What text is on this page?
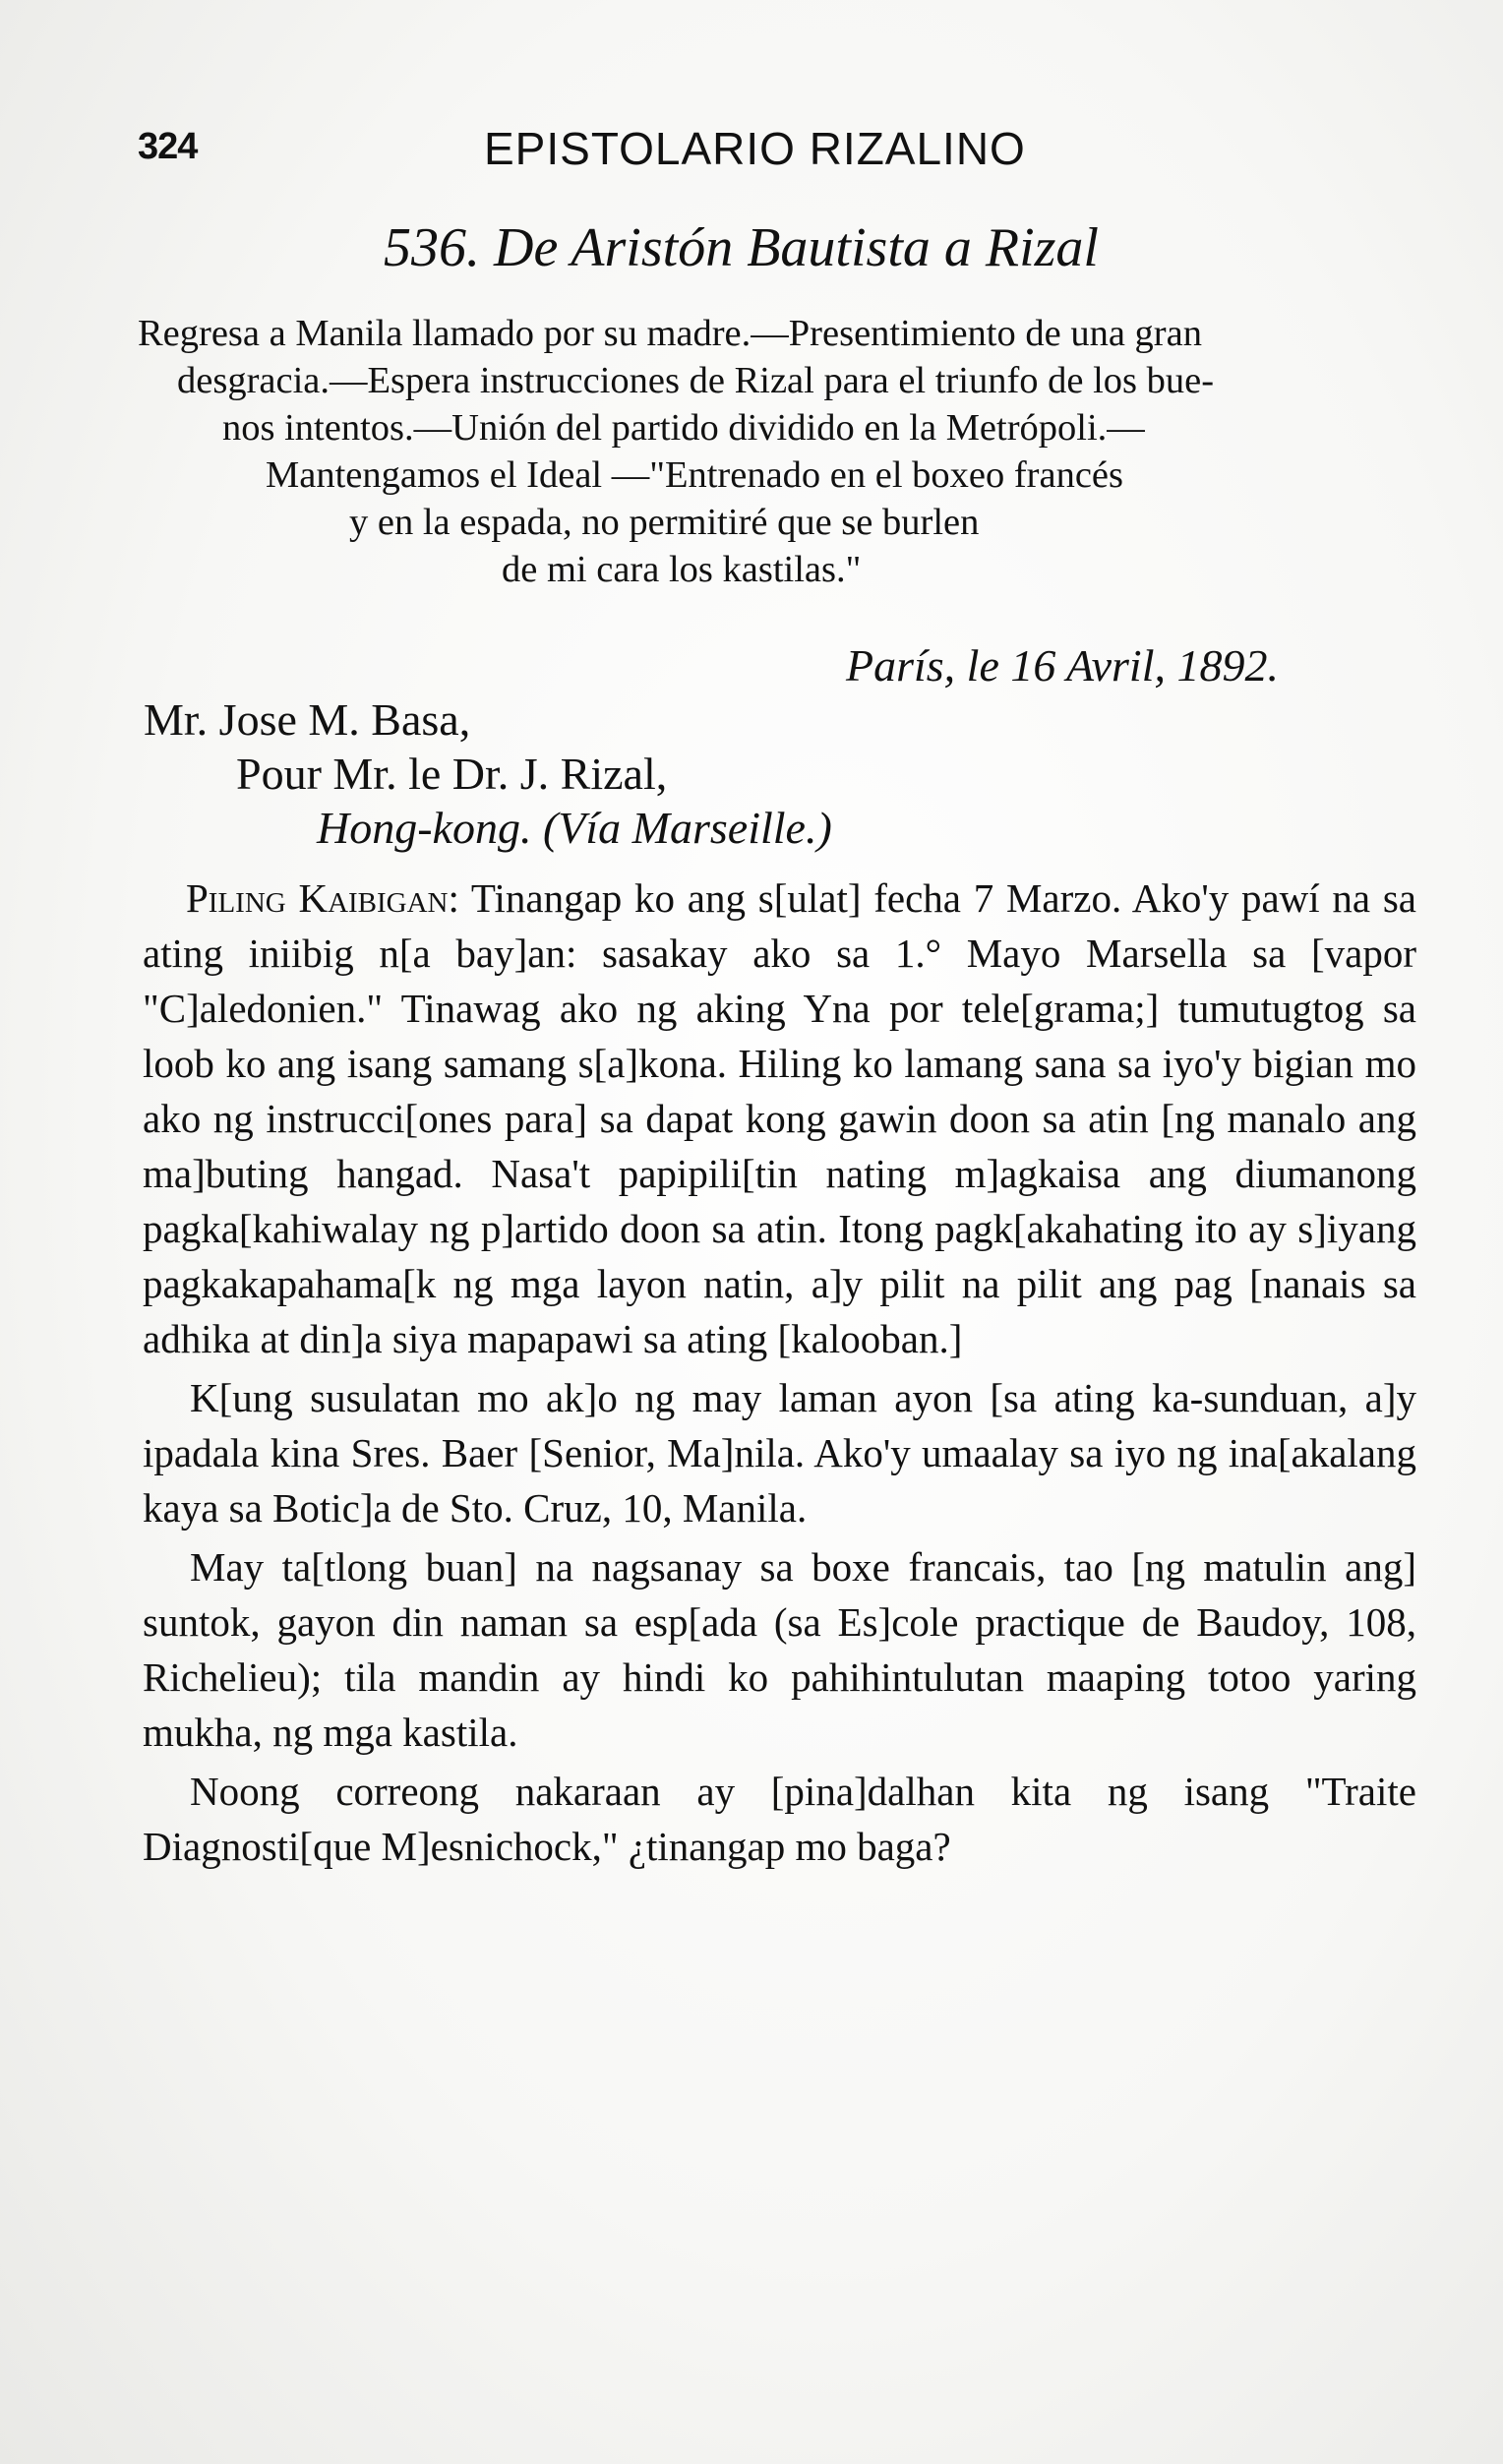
324	EPISTOLARIO RIZALINO
536. De Aristón Bautista a Rizal
Regresa a Manila llamado por su madre.—Presentimiento de una gran
desgracia.—Espera instrucciones de Rizal para el triunfo de los bue-
nos intentos.—Unión del partido dividido en la Metrópoli.—
Mantengamos el Ideal —"Entrenado en el boxeo francés
y en la espada, no permitiré que se burlen
de mi cara los kastilas."
París, le 16 Avril, 1892.
Mr. Jose M. Basa,
Pour Mr. le Dr. J. Rizal,
Hong-kong. (Vía Marseille.)

Piling Kaibigan: Tinangap ko ang s[ulat] fecha 7 Marzo. Ako'y pawí na sa ating iniibig n[a bay]an: sasakay ako sa 1.° Mayo Marsella sa [vapor "C]aledonien." Tinawag ako ng aking Yna por tele[grama;] tumutugtog sa loob ko ang isang samang s[a]kona. Hiling ko lamang sana sa iyo'y bigian mo ako ng instrucci[ones para] sa dapat kong gawin doon sa atin [ng manalo ang ma]buting hangad. Nasa't papipili[tin nating m]agkaisa ang diumanong pagka[kahiwalay ng p]artido doon sa atin. Itong pagk[akahating ito ay s]iyang pagkakapahama[k ng mga layon natin, a]y pilit na pilit ang pag [nanais sa adhika at din]a siya mapapawi sa ating [kalooban.]

K[ung susulatan mo ak]o ng may laman ayon [sa ating ka-sunduan, a]y ipadala kina Sres. Baer [Senior, Ma]nila. Ako'y umaalay sa iyo ng ina[akalang kaya sa Botic]a de Sto. Cruz, 10, Manila.

May ta[tlong buan] na nagsanay sa boxe francais, tao [ng matulin ang] suntok, gayon din naman sa esp[ada (sa Es]cole practique de Baudoy, 108, Richelieu); tila mandin ay hindi ko pahihintulutan maaping totoo yaring mukha, ng mga kastila.

Noong correong nakaraan ay [pina]dalhan kita ng isang "Traite Diagnosti[que M]esnichock," ¿tinangap mo baga?
